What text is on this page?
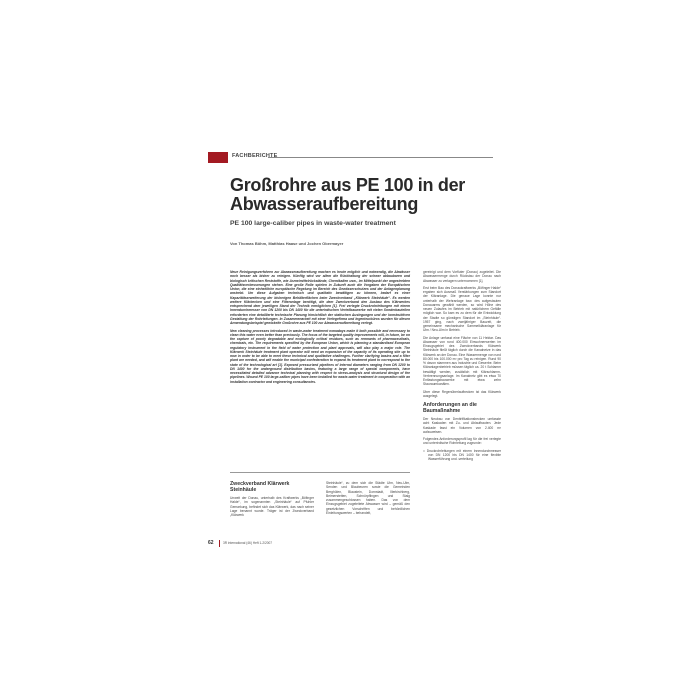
FACHBERICHTE
Großrohre aus PE 100 in der
Abwasseraufbereitung
PE 100 large-caliber pipes in waste-water treatment
Von Thomas Böhm, Matthias Haase und Jochen Obermayer

Neue Reinigungsverfahren zur Abwasseraufbereitung machen es heute möglich und notwendig, die Abwässer noch besser als bisher zu reinigen. Künftig wird vor allem die Rückhaltung der schwer abbaubaren und biologisch kritischen Reststoffe, wie Arzneimittelrückstände, Chemikalien usw., im Mittelpunkt der angestrebten Qualitätsverbesserungen stehen. Eine große Rolle spielen in Zukunft auch die Vorgaben der Europäischen Union, die eine einheitliche europäische Regelung im Bereich des Gewässerschutzes und der Anlagenplanung anstrebt. Um diese Aufgaben technisch und qualitativ bewältigen zu können, bedarf es einer Kapazitätserweiterung der bisherigen Behälterflächen beim Zweckverband „Klärwerk Steinhäule“. Es werden weitere Klärbecken und eine Filteranlage benötigt, die dem Zweckverband den Ausbau des Klärwerkes entsprechend dem jeweiligen Stand der Technik ermöglichen [1]. Frei verlegte Druckrohrleitungen mit einem Innendurchmesser von DN 1200 bis DN 1400 für die unterirdischen Verteilbauwerke mit vielen Sonderbauteilen erforderten eine detaillierte technische Planung hinsichtlich der statischen Auslegungen und der konstruktiven Gestaltung der Rohrleitungen. In Zusammenarbeit mit einer Verlegefirma und Ingenieurbüros wurden für diesen Anwendungsbeispiel gewickelte Großrohre aus PE 100 zur Abwasseraufbereitung verlegt.

New cleaning processes introduced in waste-water treatment nowadays make it both possible and necessary to clean this water even better than previously. The focus of the targeted quality improvements will, in future, be on the capture of poorly degradable and ecologically critical residues, such as remnants of pharmaceuticals, chemicals, etc. The requirements specified by the European Union, which is planning a standardised European regulatory instrument in the field of water protection and plant approvals, will also play a major role. The Klärwerk Steinhäule treatment plant operator will need an expansion of the capacity of its operating site up to now in order to be able to meet these technical and qualitative challenges. Further clarifying basins and a filter plant are needed, and will enable the municipal confederation to expand its treatment plant to correspond to the state of the technological art [1]. Exposed pressurized pipelines of internal diameters ranging from DN 1200 to DN 1400 for the underground distribution basins, featuring a large range of special components, have necessitated detailed advance technical planning with respect to stress-analysis and structural design of the pipelines. Wound PE 100 large-caliber pipes have been installed for waste-water treatment in cooperation with an installation contractor and engineering consultancies.

Zweckverband Klärwerk Steinhäule

Unweit der Donau, unterhalb des Kraftwerks „Böfinger Halde“, im sogenannten „Steinhäule“ auf Pfuhler Gemarkung, befindet sich das Klärwerk, das nach seiner Lage benannt wurde. Träger ist der Zweckverband „Klärwerk

Steinhäule“, zu dem sich die Städte Ulm, Neu-Ulm, Senden und Blaubeuren sowie die Gemeinden Berghülen, Blaustein, Dornstadt, Illerkirchberg, Beimerstetten, Schnürpflingen und Staig zusammengeschlossen haben. Das von dem Einzugsgebiet zugeleitete Abwasser wird – gemäß den gesetzlichen Vorschriften und behördlichen Einleitungswerten – behandelt,

gereinigt und dem Vorfluter (Donau) zugeleitet. Die Abwassermenge durch Rückstau der Donau nach Abwasser zu verlagern unternommen [1].

Erst beim Bau des Donaukraftwerks „Böfinger Halde“ ergaben sich Ausmaß Verstärkungen zum Standort der Kläranlage. Die genaue Lage konnte nur unterhalb der Wehranlage bzw. des aufgestauten Donauarms gewählt werden, so wird Höhe des neuen Zulaufes im Betrieb mit natürlichem Gefälle möglich war. So kam es zu dem für die Entwicklung der Stadte so günstigen Standort im „Steinhäule“. 1957 ging, nach zweijähriger Bauzeit, die gemeinsame mechanische Sammelkläranlage für Ulm / Neu-Ulm in Betrieb.

Die Anlage umfasst eine Fläche von 11 Hektar. Das Abwasser von rund 400.000 Einwohnerwerten im Einzugsgebiet des Zweckverbands Klärwerk Steinhäule fließt täglich durch die Kanalnetze in das Klärwerk an der Donau. Eine Wassermenge von rund 80.000 bis 100.000 m³ pro Tag zu reinigen. Rund 90 % davon stammen aus Industrie und Gewerbe. Beim Kläranlagenbetrieb müssen täglich ca. 20 t Schlamm bewältigt werden, zusätzlich mit Klärschlamm-Verbrennungsanlage. Im Kanalnetz gibt es etwa 70 Entlastungsbauwerke mit etwa zehn Stauraumkanälen.

Über diese Regenüberlaufbecken ist das Klärwerk ausgelegt.

Anforderungen an die Baumaßnahme

Der Neubau von Denitrifikationsbecken umfasste acht Kaskaden mit Zu- und Ablaufbauten. Jede Kaskade fasst ein Volumen von 2.400 m³ aufzuweisen.

Folgendes Anforderungsprofil lag für die frei verlegte und unterirdische Rohrleitung zugrunde:

= Druckrohrleitungen mit einem Innendurchmesser von DN 1200 bis DN 1400 für eine flexible Wasserführung und -verteilung
62	3R international (46) Heft 1-2/2007
